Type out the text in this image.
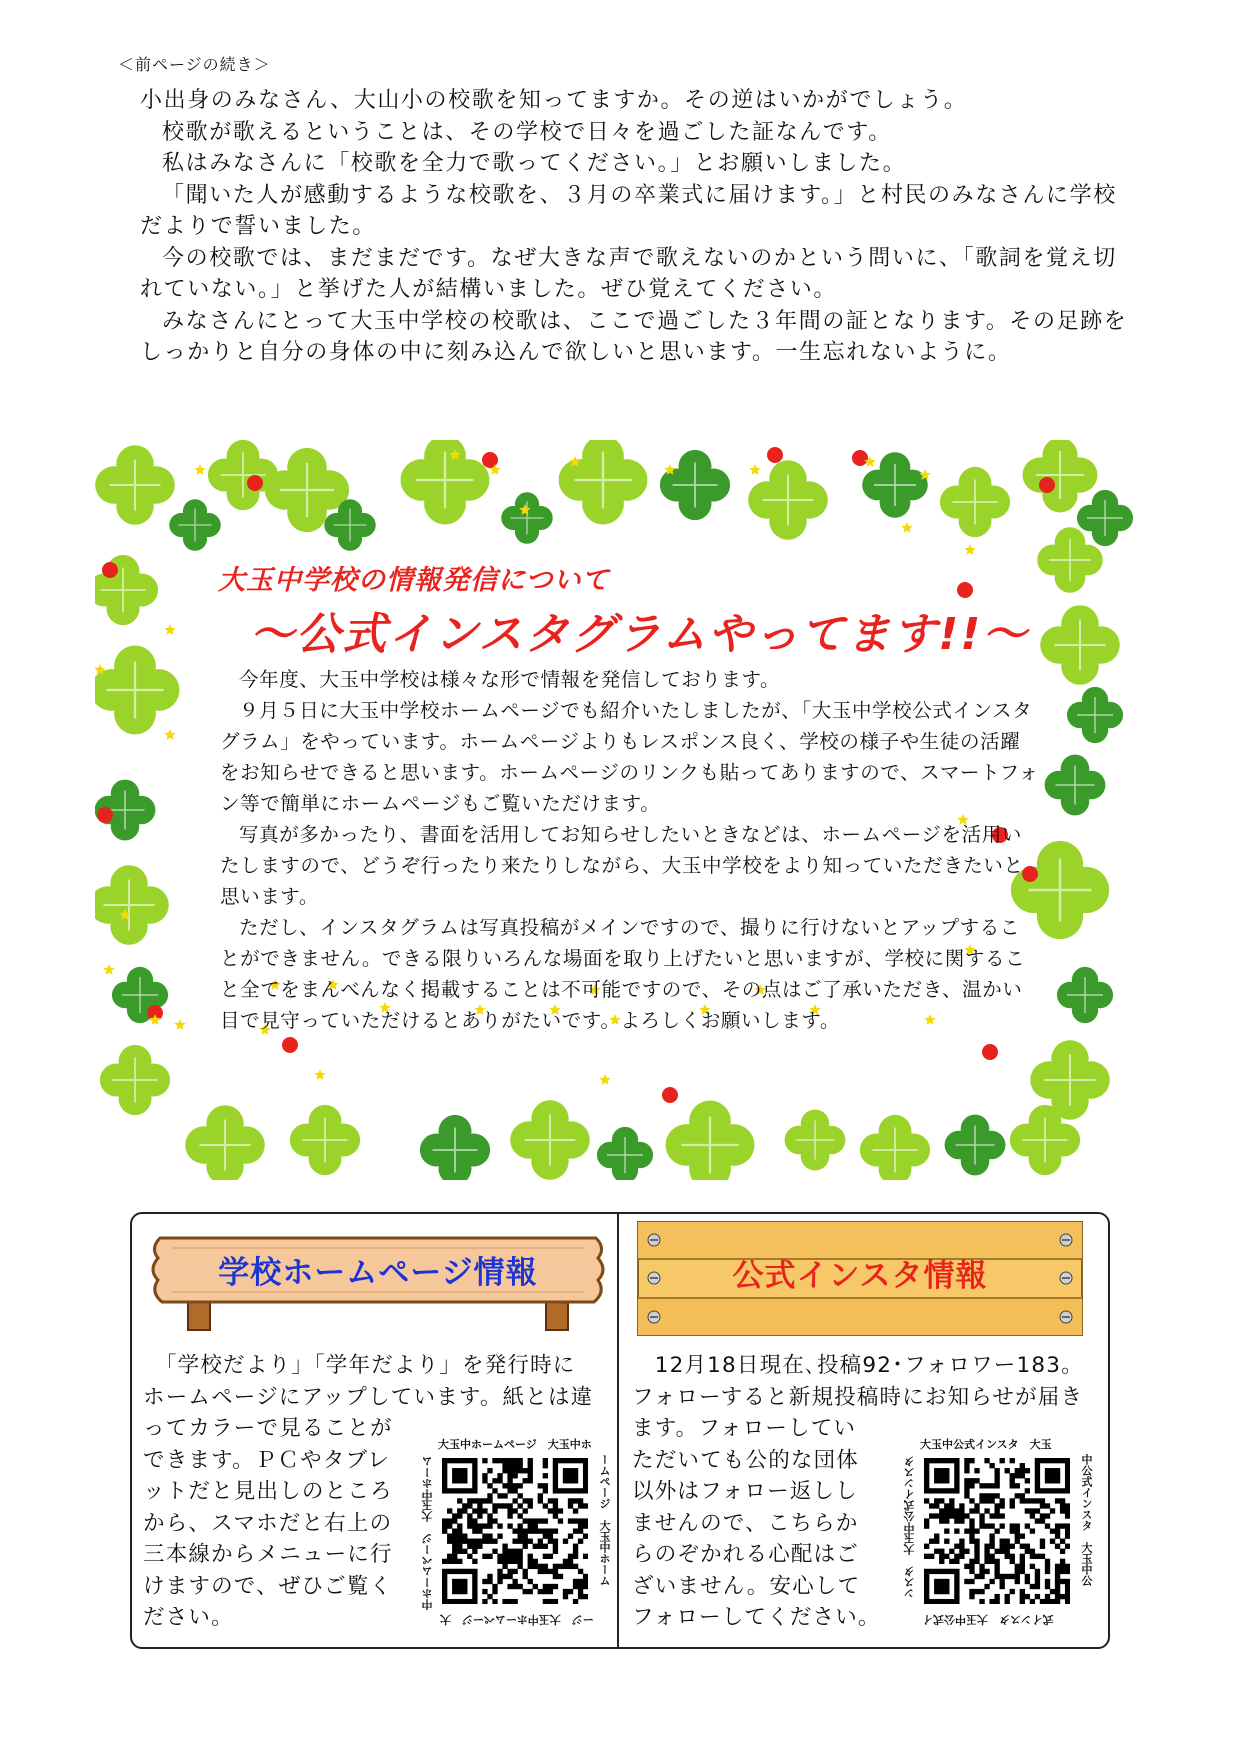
＜前ページの続き＞

小出身のみなさん、大山小の校歌を知ってますか。その逆はいかがでしょう。

校歌が歌えるということは、その学校で日々を過ごした証なんです。

私はみなさんに「校歌を全力で歌ってください。」とお願いしました。

「聞いた人が感動するような校歌を、３月の卒業式に届けます。」と村民のみなさんに学校だよりで誓いました。

今の校歌では、まだまだです。なぜ大きな声で歌えないのかという問いに、「歌詞を覚え切れていない。」と挙げた人が結構いました。ぜひ覚えてください。

みなさんにとって大玉中学校の校歌は、ここで過ごした３年間の証となります。その足跡をしっかりと自分の身体の中に刻み込んで欲しいと思います。一生忘れないように。

大玉中学校の情報発信について
～公式インスタグラムやってます!!～

今年度、大玉中学校は様々な形で情報を発信しております。

９月５日に大玉中学校ホームページでも紹介いたしましたが、「大玉中学校公式インスタグラム」をやっています。ホームページよりもレスポンス良く、学校の様子や生徒の活躍をお知らせできると思います。ホームページのリンクも貼ってありますので、スマートフォン等で簡単にホームページもご覧いただけます。

写真が多かったり、書面を活用してお知らせしたいときなどは、ホームページを活用いたしますので、どうぞ行ったり来たりしながら、大玉中学校をより知っていただきたいと思います。

ただし、インスタグラムは写真投稿がメインですので、撮りに行けないとアップすることができません。できる限りいろんな場面を取り上げたいと思いますが、学校に関すること全てをまんべんなく掲載することは不可能ですので、その点はご了承いただき、温かい目で見守っていただけるとありがたいです。よろしくお願いします。

学校ホームページ情報	公式インスタ情報
　「学校だより」「学年だより」を発行時に
ホームページにアップしています。紙とは違
ってカラーで見ることが
できます。ＰＣやタブレ
ットだと見出しのところ
から、スマホだと右上の
三本線からメニューに行
けますので、ぜひご覧く
ださい。
　12月18日現在､投稿92･フォロワー183｡
フォローすると新規投稿時にお知らせが届き
ます。フォローしてい
ただいても公的な団体
以外はフォロー返しし
ませんので、こちらか
らのぞかれる心配はご
ざいません。安心して
フォローしてください。
大玉中ホームページ　大玉中ホ
ームページ　大玉中ホーム
ージ　大玉中ホームページ　大
中ホームページ　大玉中ホーム
大玉中公式インスタ　大玉
中公式インスタ　大玉中公
式インスタ　大玉中公式イ
ンスタ　大玉中公式インスタ
